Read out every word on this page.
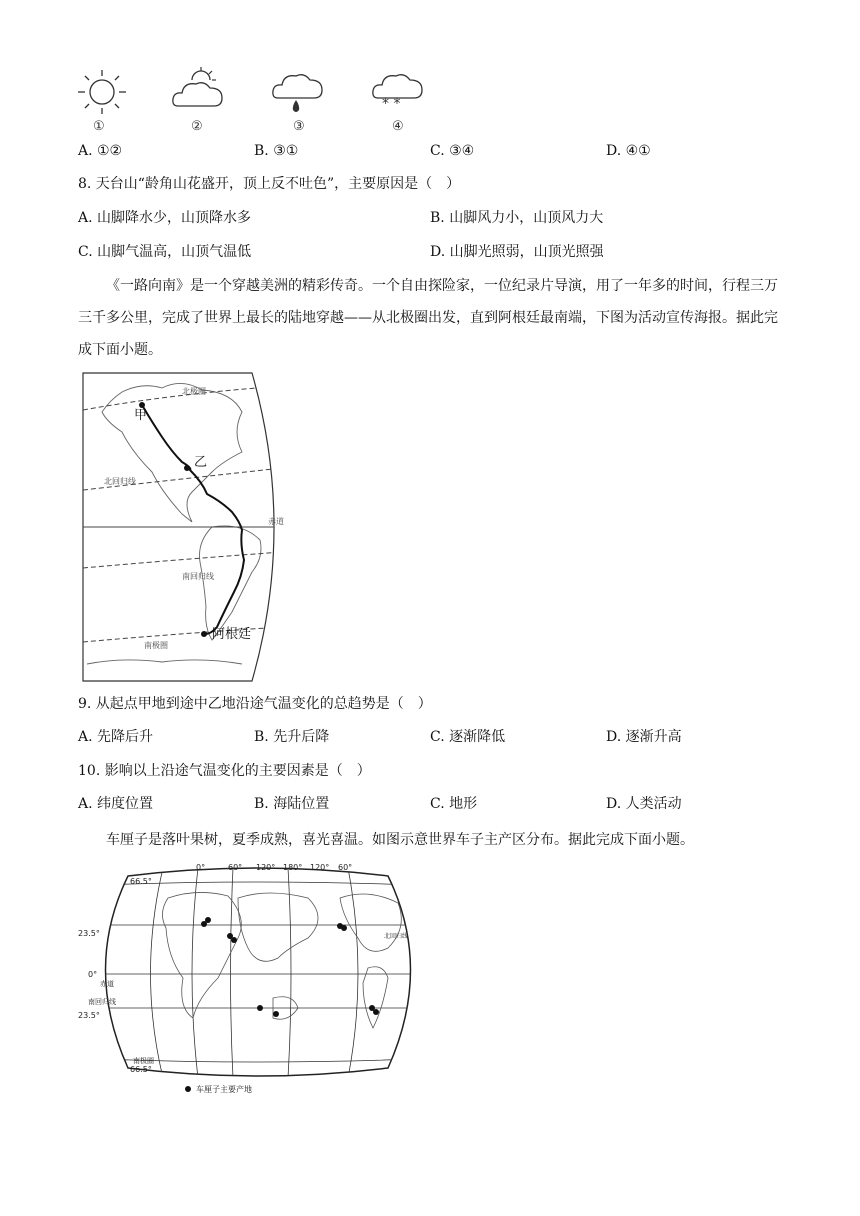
* *
①	②	③	④
A. ①②	B. ③①	C. ③④	D. ④①
8. 天台山“龄角山花盛开，顶上反不吐色”，主要原因是（　）
A. 山脚降水少，山顶降水多	B. 山脚风力小，山顶风力大
C. 山脚气温高，山顶气温低	D. 山脚光照弱，山顶光照强
《一路向南》是一个穿越美洲的精彩传奇。一个自由探险家，一位纪录片导演，用了一年多的时间，行程三万三千多公里，完成了世界上最长的陆地穿越——从北极圈出发，直到阿根廷最南端，下图为活动宣传海报。据此完成下面小题。
甲
乙
北极圈
北回归线
赤道
南回归线
南极圈
阿根廷
9. 从起点甲地到途中乙地沿途气温变化的总趋势是（　）
A. 先降后升	B. 先升后降	C. 逐渐降低	D. 逐渐升高
10. 影响以上沿途气温变化的主要因素是（　）
A. 纬度位置	B. 海陆位置	C. 地形	D. 人类活动
车厘子是落叶果树，夏季成熟，喜光喜温。如图示意世界车子主产区分布。据此完成下面小题。
0°	60° 120° 180° 120° 60°
66.5°
23.5°
0°
23.5°
66.5°
赤道
南回归线
南极圈
北回归线
车厘子主要产地
